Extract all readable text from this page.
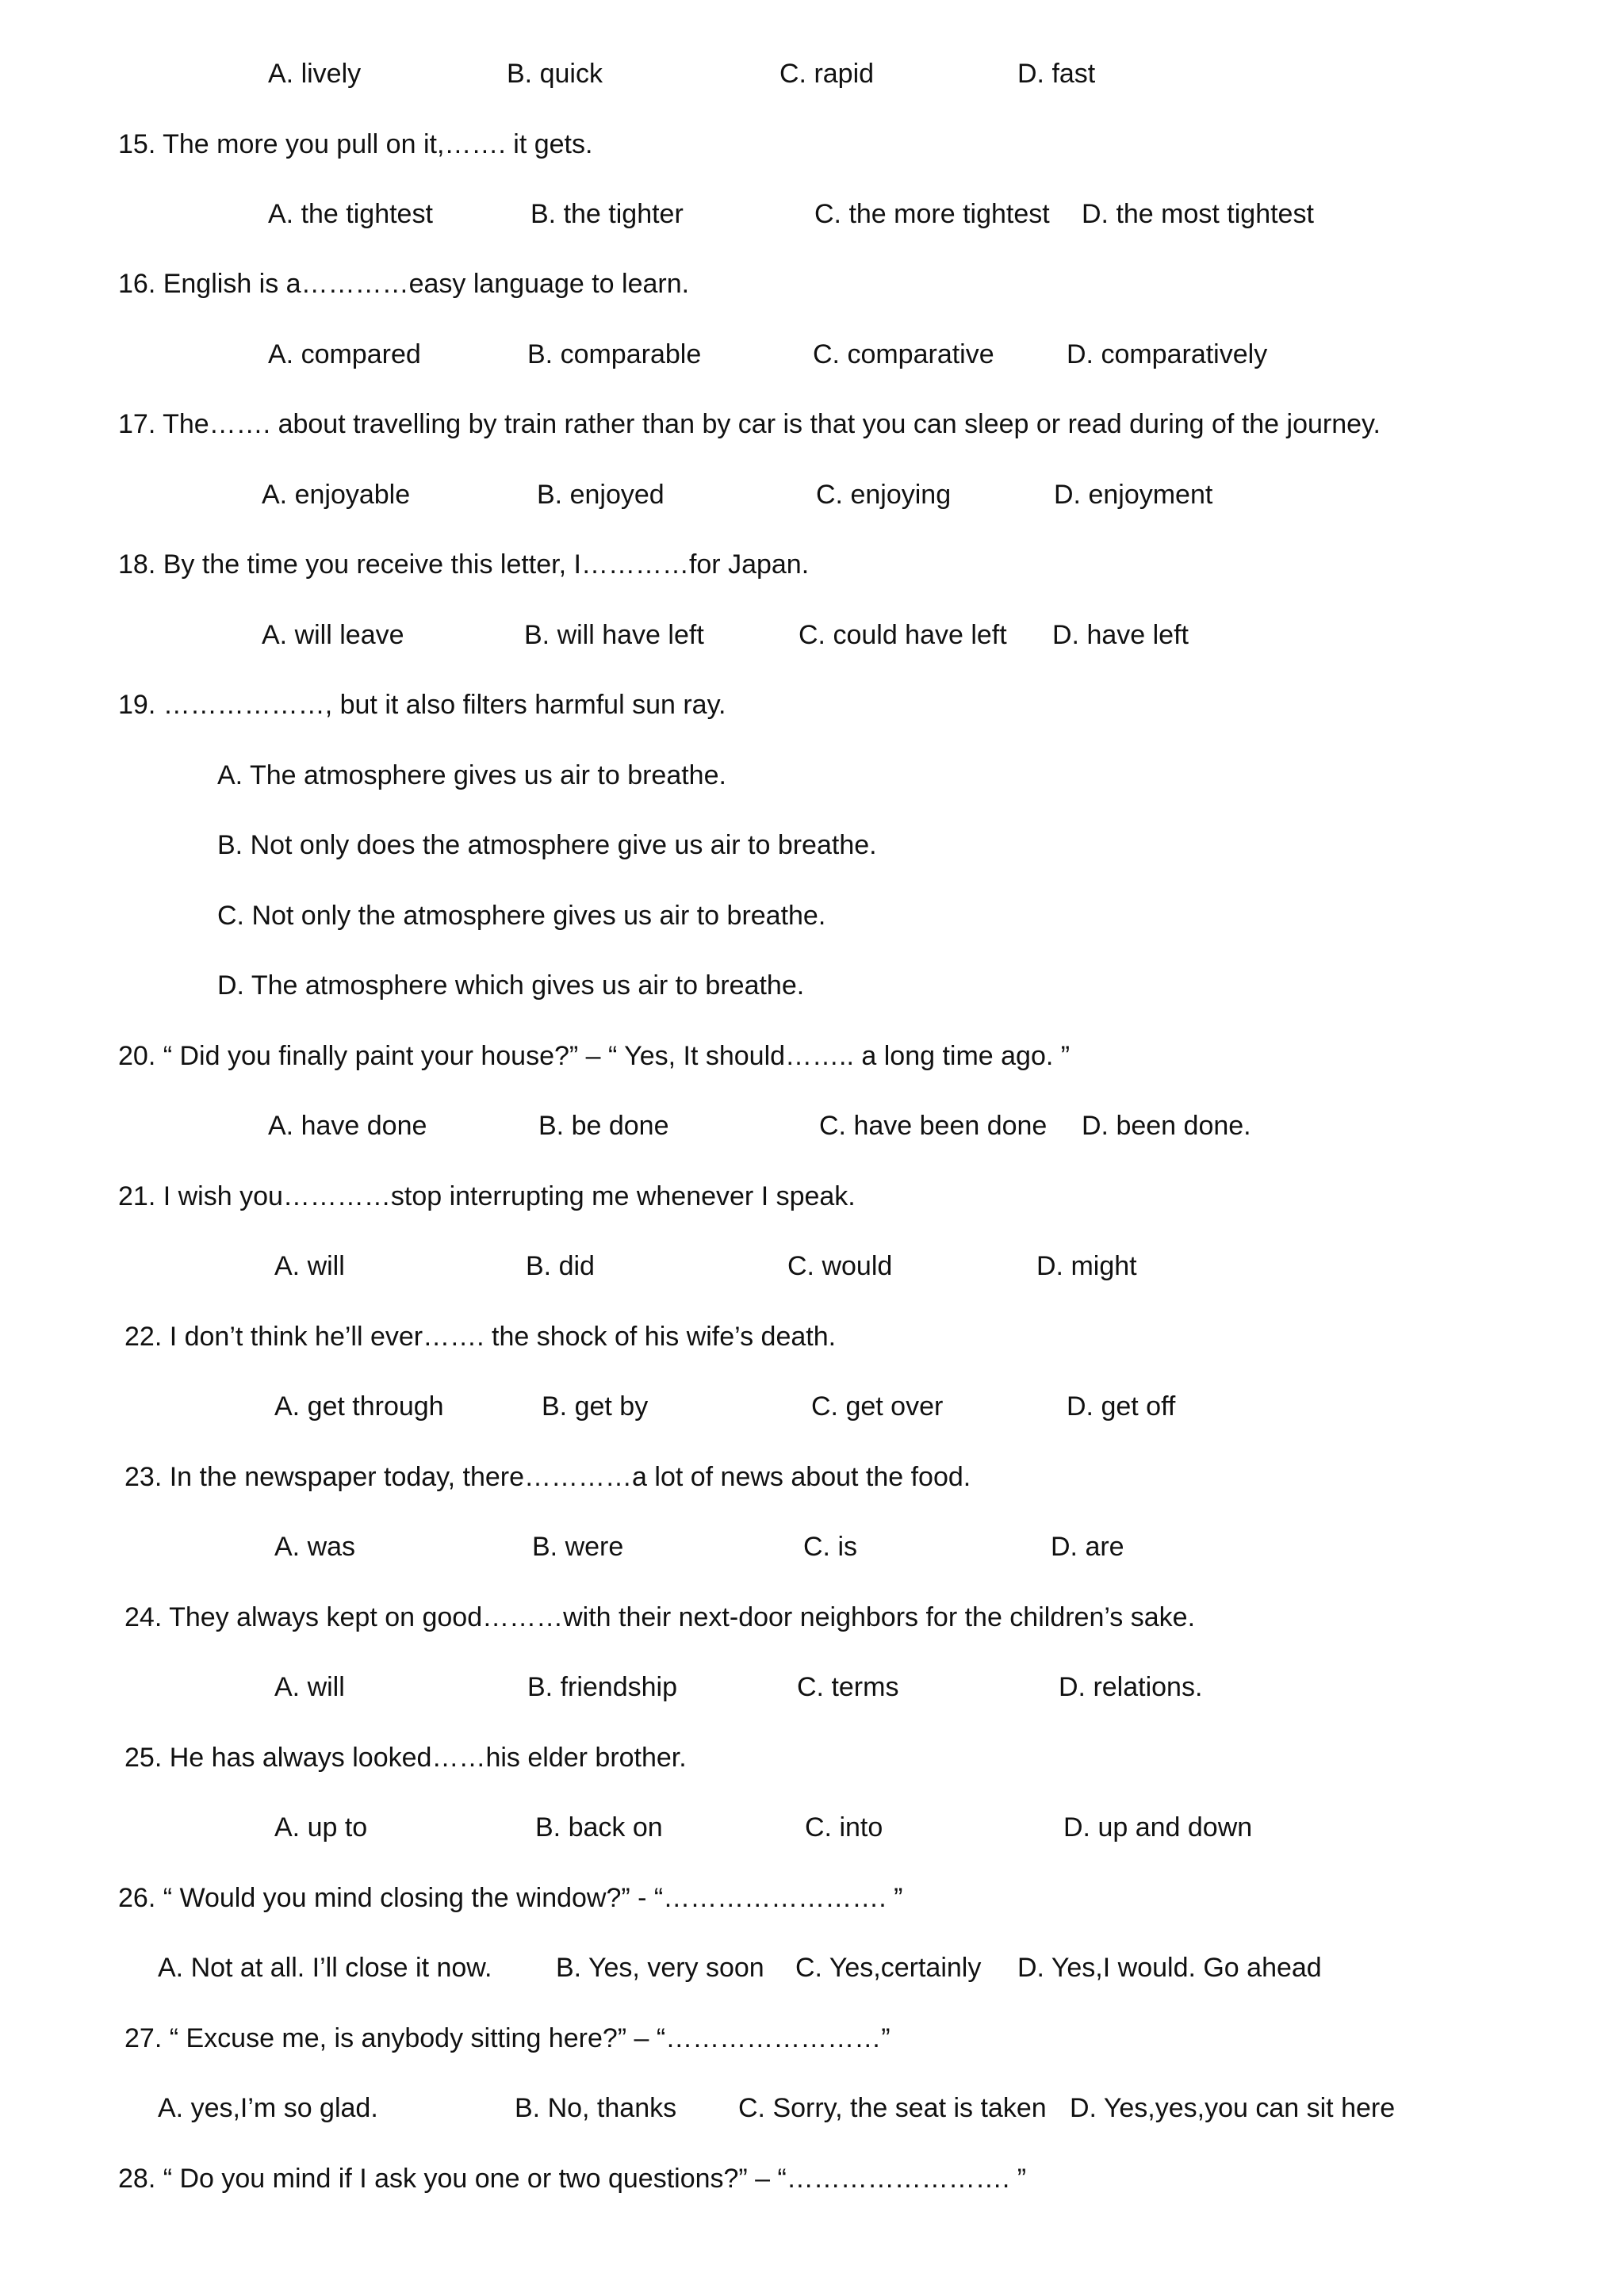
A. lively	B. quick	C. rapid	D. fast
15. The more you pull on it,……. it gets.
A. the tightest	B. the tighter	C. the more tightest D. the most tightest
16. English is a…………easy language to learn.
A. compared	B. comparable	C. comparative	D. comparatively
17. The……. about travelling by train rather than by car is that you can sleep or read during of the journey.
A. enjoyable	B. enjoyed	C. enjoying	D. enjoyment
18. By the time you receive this letter, I…………for Japan.
A. will leave	B. will have left	C. could have left D. have left
19. ………………, but it also filters harmful sun ray.
A. The atmosphere gives us air to breathe.
B. Not only does the atmosphere give us air to breathe.
C. Not only the atmosphere gives us air to breathe.
D. The atmosphere which gives us air to breathe.
20. “ Did you finally paint your house?” – “ Yes, It should…….. a long time ago. ”
A. have done	B. be done	C. have been done D. been done.
21. I wish you…………stop interrupting me whenever I speak.
A. will	B. did	C. would	D. might
22. I don’t think he’ll ever……. the shock of his wife’s death.
A. get through	B. get by	C. get over	D. get off
23. In the newspaper today, there…………a lot of news about the food.
A. was	B. were	C. is	D. are
24. They always kept on good………with their next-door neighbors for the children’s sake.
A. will	B. friendship	C. terms	D. relations.
25. He has always looked……his elder brother.
A. up to	B. back on	C. into	D. up and down
26. “ Would you mind closing the window?” - “……………………. ”
A. Not at all. I’ll close it now. B. Yes, very soon C. Yes,certainly D. Yes,I would. Go ahead
27. “ Excuse me, is anybody sitting here?” – “……………………”
A. yes,I’m so glad.	B. No, thanks C. Sorry, the seat is taken D. Yes,yes,you can sit here
28. “ Do you mind if I ask you one or two questions?” – “……………………. ”
